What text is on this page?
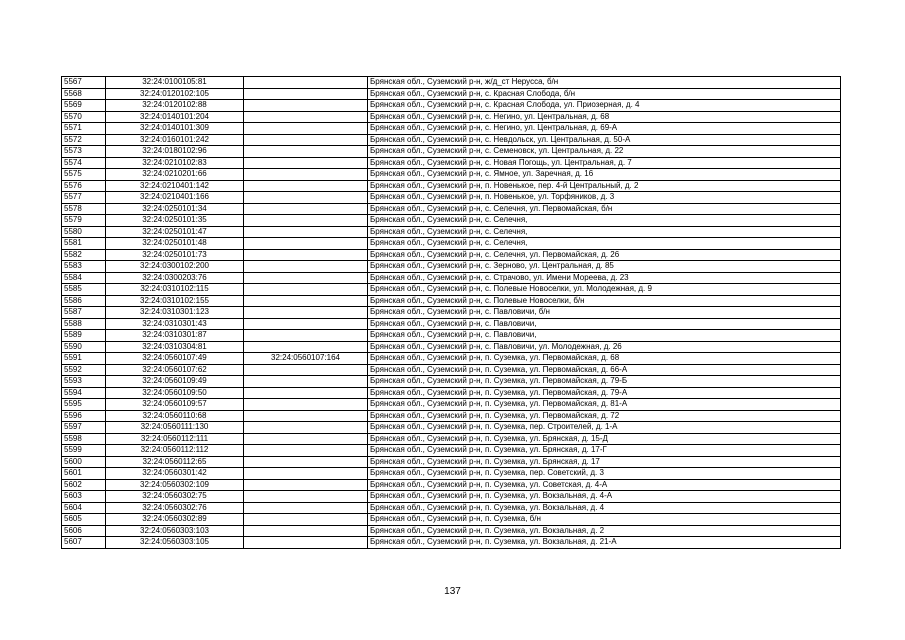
5567	32:24:0100105:81		Брянская обл., Суземский р-н, ж/д_ст Нерусса, б/н
5568	32:24:0120102:105		Брянская обл., Суземский р-н, с. Красная Слобода, б/н
5569	32:24:0120102:88		Брянская обл., Суземский р-н, с. Красная Слобода, ул. Приозерная, д. 4
5570	32:24:0140101:204		Брянская обл., Суземский р-н, с. Негино, ул. Центральная, д. 68
5571	32:24:0140101:309		Брянская обл., Суземский р-н, с. Негино, ул. Центральная, д. 69-А
5572	32:24:0160101:242		Брянская обл., Суземский р-н, с. Невдольск, ул. Центральная, д. 50-А
5573	32:24:0180102:96		Брянская обл., Суземский р-н, с. Семеновск, ул. Центральная, д. 22
5574	32:24:0210102:83		Брянская обл., Суземский р-н, с. Новая Погощь, ул. Центральная, д. 7
5575	32:24:0210201:66		Брянская обл., Суземский р-н, с. Ямное, ул. Заречная, д. 16
5576	32:24:0210401:142		Брянская обл., Суземский р-н, п. Новенькое, пер. 4-й Центральный, д. 2
5577	32:24:0210401:166		Брянская обл., Суземский р-н, п. Новенькое, ул. Торфяников, д. 3
5578	32:24:0250101:34		Брянская обл., Суземский р-н, с. Селечня, ул. Первомайская, б/н
5579	32:24:0250101:35		Брянская обл., Суземский р-н, с. Селечня,
5580	32:24:0250101:47		Брянская обл., Суземский р-н, с. Селечня,
5581	32:24:0250101:48		Брянская обл., Суземский р-н, с. Селечня,
5582	32:24:0250101:73		Брянская обл., Суземский р-н, с. Селечня, ул. Первомайская, д. 26
5583	32:24:0300102:200		Брянская обл., Суземский р-н, с. Зерново, ул. Центральная, д. 85
5584	32:24:0300203:76		Брянская обл., Суземский р-н, с. Страчово, ул. Имени Мореева, д. 23
5585	32:24:0310102:115		Брянская обл., Суземский р-н, с. Полевые Новоселки, ул. Молодежная, д. 9
5586	32:24:0310102:155		Брянская обл., Суземский р-н, с. Полевые Новоселки, б/н
5587	32:24:0310301:123		Брянская обл., Суземский р-н, с. Павловичи, б/н
5588	32:24:0310301:43		Брянская обл., Суземский р-н, с. Павловичи,
5589	32:24:0310301:87		Брянская обл., Суземский р-н, с. Павловичи,
5590	32:24:0310304:81		Брянская обл., Суземский р-н, с. Павловичи, ул. Молодежная, д. 26
5591	32:24:0560107:49	32:24:0560107:164	Брянская обл., Суземский р-н, п. Суземка, ул. Первомайская, д. 68
5592	32:24:0560107:62		Брянская обл., Суземский р-н, п. Суземка, ул. Первомайская, д. 66-А
5593	32:24:0560109:49		Брянская обл., Суземский р-н, п. Суземка, ул. Первомайская, д. 79-Б
5594	32:24:0560109:50		Брянская обл., Суземский р-н, п. Суземка, ул. Первомайская, д. 79-А
5595	32:24:0560109:57		Брянская обл., Суземский р-н, п. Суземка, ул. Первомайская, д. 81-А
5596	32:24:0560110:68		Брянская обл., Суземский р-н, п. Суземка, ул. Первомайская, д. 72
5597	32:24:0560111:130		Брянская обл., Суземский р-н, п. Суземка, пер. Строителей, д. 1-А
5598	32:24:0560112:111		Брянская обл., Суземский р-н, п. Суземка, ул. Брянская, д. 15-Д
5599	32:24:0560112:112		Брянская обл., Суземский р-н, п. Суземка, ул. Брянская, д. 17-Г
5600	32:24:0560112:65		Брянская обл., Суземский р-н, п. Суземка, ул. Брянская, д. 17
5601	32:24:0560301:42		Брянская обл., Суземский р-н, п. Суземка, пер. Советский, д. 3
5602	32:24:0560302:109		Брянская обл., Суземский р-н, п. Суземка, ул. Советская, д. 4-А
5603	32:24:0560302:75		Брянская обл., Суземский р-н, п. Суземка, ул. Вокзальная, д. 4-А
5604	32:24:0560302:76		Брянская обл., Суземский р-н, п. Суземка, ул. Вокзальная, д. 4
5605	32:24:0560302:89		Брянская обл., Суземский р-н, п. Суземка, б/н
5606	32:24:0560303:103		Брянская обл., Суземский р-н, п. Суземка, ул. Вокзальная, д. 2
5607	32:24:0560303:105		Брянская обл., Суземский р-н, п. Суземка, ул. Вокзальная, д. 21-А
137
